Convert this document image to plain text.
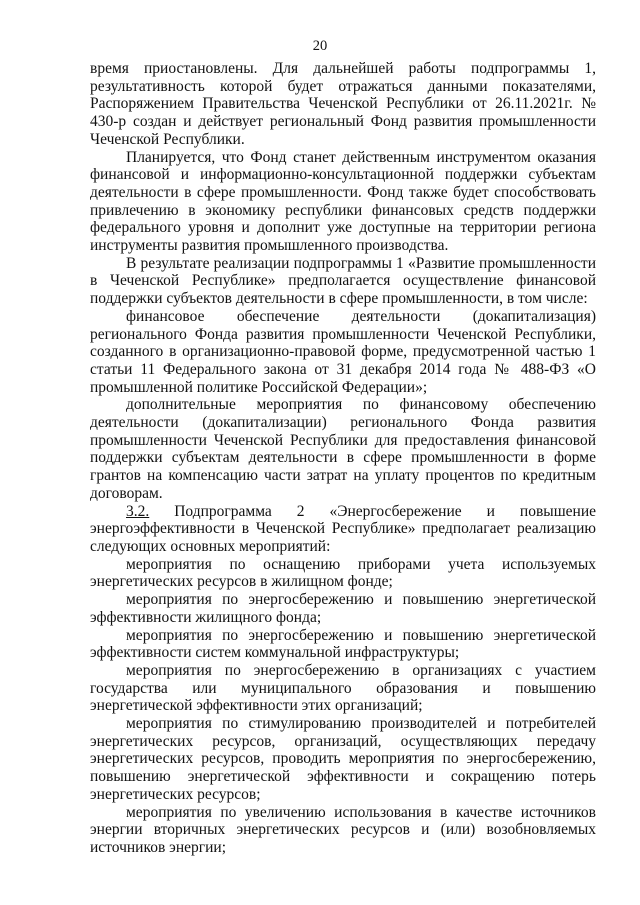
20

время приостановлены. Для дальнейшей работы подпрограммы 1, результативность которой будет отражаться данными показателями, Распоряжением Правительства Чеченской Республики от 26.11.2021г. № 430-р создан и действует региональный Фонд развития промышленности Чеченской Республики.

Планируется, что Фонд станет действенным инструментом оказания финансовой и информационно-консультационной поддержки субъектам деятельности в сфере промышленности. Фонд также будет способствовать привлечению в экономику республики финансовых средств поддержки федерального уровня и дополнит уже доступные на территории региона инструменты развития промышленного производства.

В результате реализации подпрограммы 1 «Развитие промышленности в Чеченской Республике» предполагается осуществление финансовой поддержки субъектов деятельности в сфере промышленности, в том числе:

финансовое обеспечение деятельности (докапитализация) регионального Фонда развития промышленности Чеченской Республики, созданного в организационно-правовой форме, предусмотренной частью 1 статьи 11 Федерального закона от 31 декабря 2014 года № 488-ФЗ «О промышленной политике Российской Федерации»;

дополнительные мероприятия по финансовому обеспечению деятельности (докапитализации) регионального Фонда развития промышленности Чеченской Республики для предоставления финансовой поддержки субъектам деятельности в сфере промышленности в форме грантов на компенсацию части затрат на уплату процентов по кредитным договорам.

3.2. Подпрограмма 2 «Энергосбережение и повышение энергоэффективности в Чеченской Республике» предполагает реализацию следующих основных мероприятий:

мероприятия по оснащению приборами учета используемых энергетических ресурсов в жилищном фонде;

мероприятия по энергосбережению и повышению энергетической эффективности жилищного фонда;

мероприятия по энергосбережению и повышению энергетической эффективности систем коммунальной инфраструктуры;

мероприятия по энергосбережению в организациях с участием государства или муниципального образования и повышению энергетической эффективности этих организаций;

мероприятия по стимулированию производителей и потребителей энергетических ресурсов, организаций, осуществляющих передачу энергетических ресурсов, проводить мероприятия по энергосбережению, повышению энергетической эффективности и сокращению потерь энергетических ресурсов;

мероприятия по увеличению использования в качестве источников энергии вторичных энергетических ресурсов и (или) возобновляемых источников энергии;
